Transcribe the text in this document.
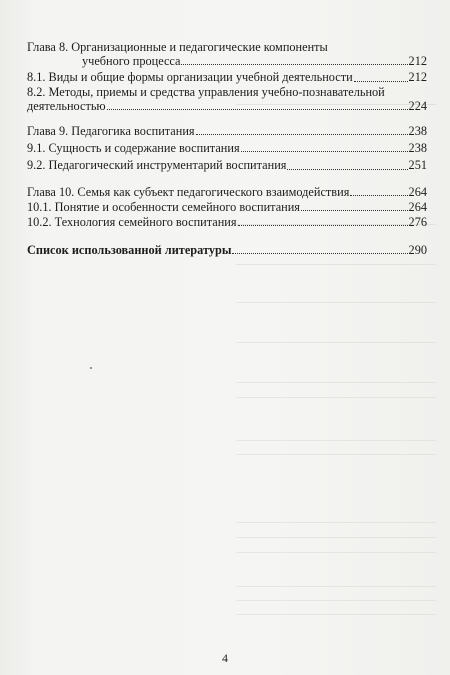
Глава 8. Организационные и педагогические компоненты
учебного процесса	212
8.1. Виды и общие формы организации учебной деятельности	212
8.2. Методы, приемы и средства управления учебно-познавательной
деятельностью	224
Глава 9. Педагогика воспитания	238
9.1. Сущность и содержание воспитания	238
9.2. Педагогический инструментарий воспитания	251
Глава 10. Семья как субъект педагогического взаимодействия	264
10.1. Понятие и особенности семейного воспитания	264
10.2. Технология семейного воспитания	276
Список использованной литературы	290
4
